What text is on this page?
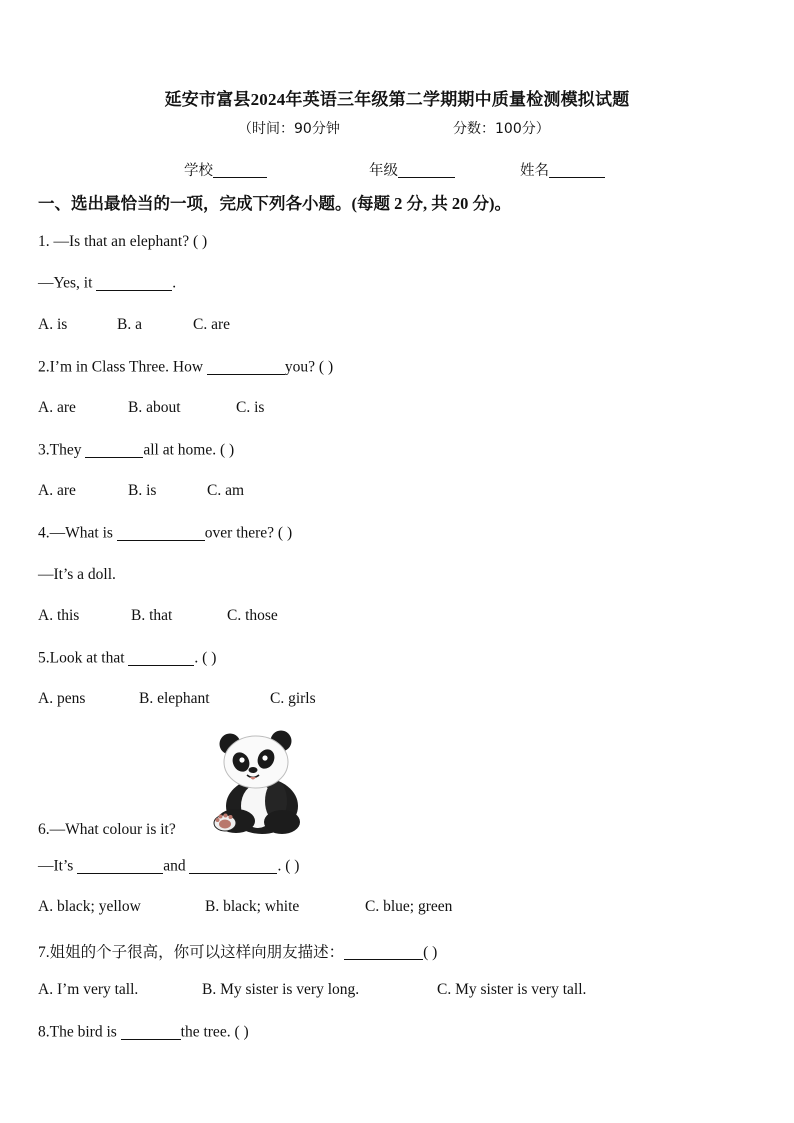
延安市富县2024年英语三年级第二学期期中质量检测模拟试题
（时间：90分钟	分数：100分）
学校	年级	姓名
一、选出最恰当的一项，完成下列各小题。(每题 2 分, 共 20 分)。
1. —Is that an elephant? ( )
—Yes, it	.
A. is	B. a	C. are
2.I’m in Class Three. How	you? ( )
A. are	B. about	C. is
3.They	all at home. ( )
A. are	B. is	C. am
4.—What is	over there? ( )
—It’s a doll.
A. this	B. that	C. those
5.Look at that	. ( )
A. pens	B. elephant	C. girls
6.—What colour is it?
—It’s	and	. ( )
A. black; yellow	B. black; white	C. blue; green
7.姐姐的个子很高，你可以这样向朋友描述：	( )
A. I’m very tall.	B. My sister is very long.	C. My sister is very tall.
8.The bird is	the tree. ( )
